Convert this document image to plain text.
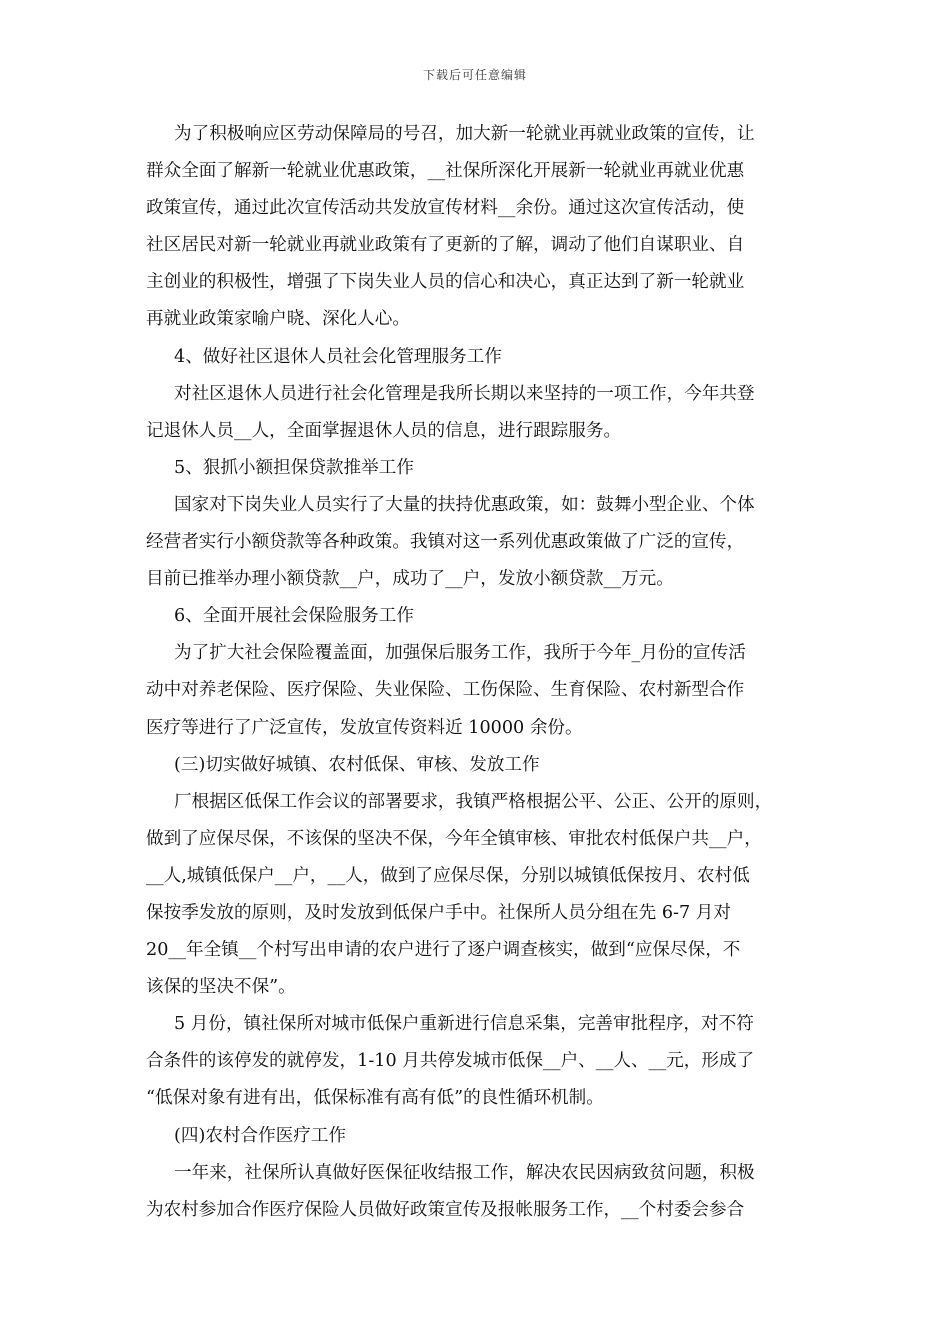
下载后可任意编辑
为了积极响应区劳动保障局的号召，加大新一轮就业再就业政策的宣传，让
群众全面了解新一轮就业优惠政策，__社保所深化开展新一轮就业再就业优惠
政策宣传，通过此次宣传活动共发放宣传材料__余份。通过这次宣传活动，使
社区居民对新一轮就业再就业政策有了更新的了解，调动了他们自谋职业、自
主创业的积极性，增强了下岗失业人员的信心和决心，真正达到了新一轮就业
再就业政策家喻户晓、深化人心。
4、做好社区退休人员社会化管理服务工作
对社区退休人员进行社会化管理是我所长期以来坚持的一项工作，今年共登
记退休人员__人，全面掌握退休人员的信息，进行跟踪服务。
5、狠抓小额担保贷款推举工作
国家对下岗失业人员实行了大量的扶持优惠政策，如：鼓舞小型企业、个体
经营者实行小额贷款等各种政策。我镇对这一系列优惠政策做了广泛的宣传，
目前已推举办理小额贷款__户，成功了__户，发放小额贷款__万元。
6、全面开展社会保险服务工作
为了扩大社会保险覆盖面，加强保后服务工作，我所于今年_月份的宣传活
动中对养老保险、医疗保险、失业保险、工伤保险、生育保险、农村新型合作
医疗等进行了广泛宣传，发放宣传资料近 10000 余份。
(三)切实做好城镇、农村低保、审核、发放工作
厂根据区低保工作会议的部署要求，我镇严格根据公平、公正、公开的原则，
做到了应保尽保，不该保的坚决不保，今年全镇审核、审批农村低保户共__户，
__人,城镇低保户__户，__人，做到了应保尽保，分别以城镇低保按月、农村低
保按季发放的原则，及时发放到低保户手中。社保所人员分组在先 6-7 月对
20__年全镇__个村写出申请的农户进行了逐户调查核实，做到“应保尽保，不
该保的坚决不保”。
5 月份，镇社保所对城市低保户重新进行信息采集，完善审批程序，对不符
合条件的该停发的就停发，1-10 月共停发城市低保__户、__人、__元，形成了
“低保对象有进有出，低保标准有高有低”的良性循环机制。
(四)农村合作医疗工作
一年来，社保所认真做好医保征收结报工作，解决农民因病致贫问题，积极
为农村参加合作医疗保险人员做好政策宣传及报帐服务工作，__个村委会参合
